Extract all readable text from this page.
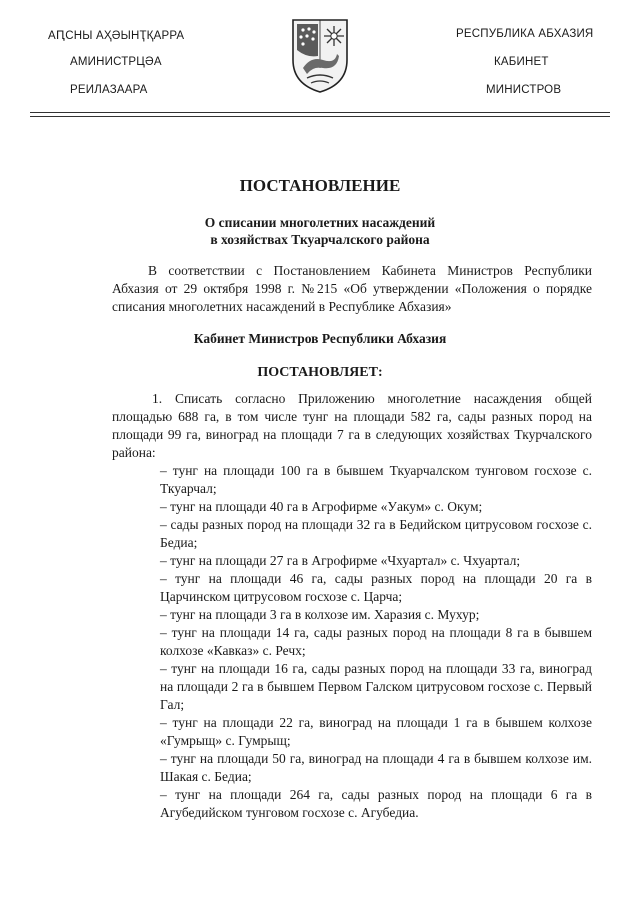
АԤСНЫ АҲӘЫНҬҚАРРА
АМИНИСТРЦӘА
РЕИЛАЗААРА
РЕСПУБЛИКА АБХАЗИЯ
КАБИНЕТ
МИНИСТРОВ
ПОСТАНОВЛЕНИЕ
О списании многолетних насаждений
в хозяйствах Ткуарчалского района

В соответствии с Постановлением Кабинета Министров Республики Абхазия от 29 октября 1998 г. №215 «Об утверждении «Положения о порядке списания многолетних насаждений в Республике Абхазия»

Кабинет Министров Республики Абхазия
ПОСТАНОВЛЯЕТ:

1. Списать согласно Приложению многолетние насаждения общей площадью 688 га, в том числе тунг на площади 582 га, сады разных пород на площади 99 га, виноград на площади 7 га в следующих хозяйствах Ткурчалского района:

– тунг на площади 100 га в бывшем Ткуарчалском тунговом госхозе с. Ткуарчал;
– тунг на площади 40 га в Агрофирме «Уакум» с. Окум;
– сады разных пород на площади 32 га в Бедийском цитрусовом госхозе с. Бедиа;
– тунг на площади 27 га в Агрофирме «Чхуартал» с. Чхуартал;
– тунг на площади 46 га, сады разных пород на площади 20 га в Царчинском цитрусовом госхозе с. Царча;
– тунг на площади 3 га в колхозе им. Харазия с. Мухур;
– тунг на площади 14 га, сады разных пород на площади 8 га в бывшем колхозе «Кавказ» с. Речх;
– тунг на площади 16 га, сады разных пород на площади 33 га, виноград на площади 2 га в бывшем Первом Галском цитрусовом госхозе с. Первый Гал;
– тунг на площади 22 га, виноград на площади 1 га в бывшем колхозе «Гумрыщ» с. Гумрыщ;
– тунг на площади 50 га, виноград на площади 4 га в бывшем колхозе им. Шакая с. Бедиа;
– тунг на площади 264 га, сады разных пород на площади 6 га в Агубедийском тунговом госхозе с. Агубедиа.
